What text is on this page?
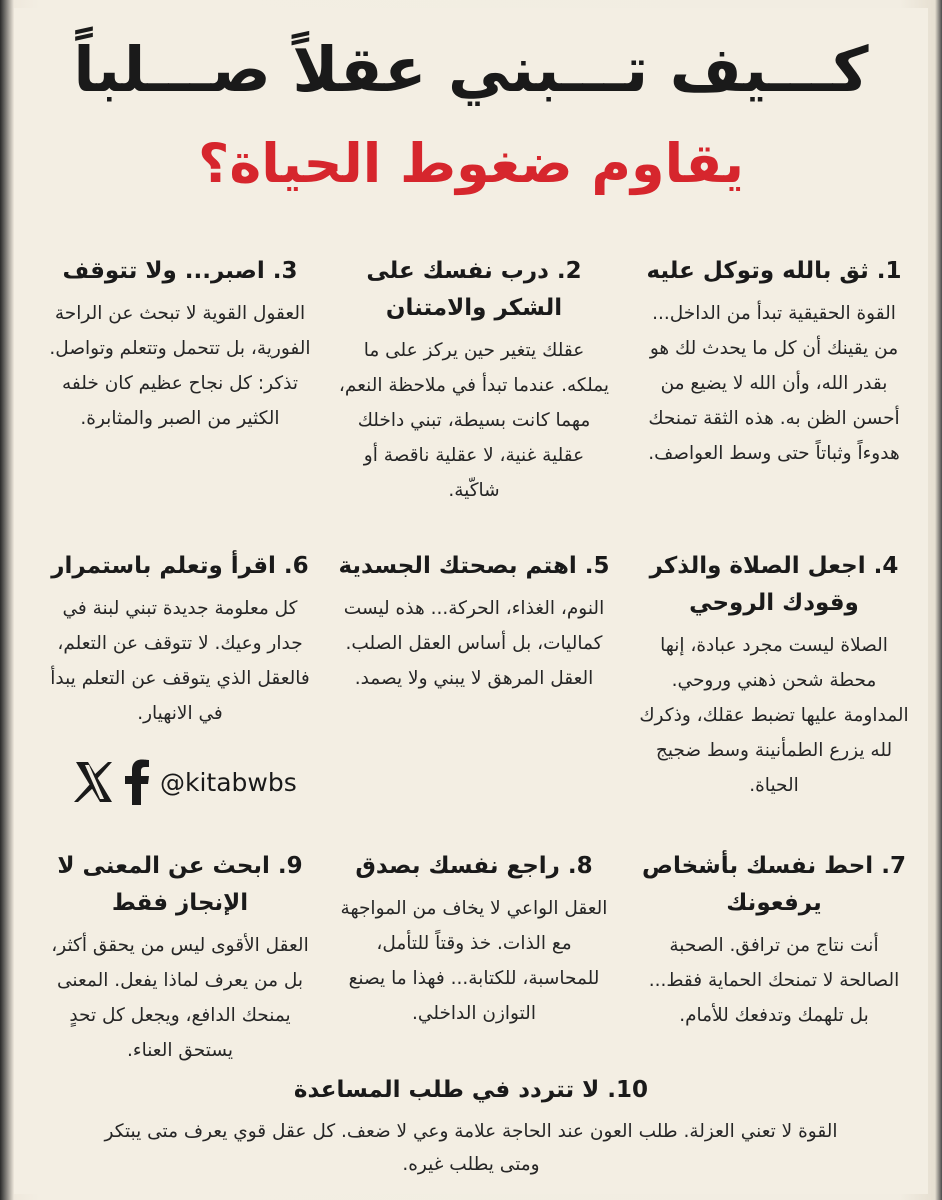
كـــيف تـــبني عقلاً صـــلباً
يقاوم ضغوط الحياة؟
1. ثق بالله وتوكل عليه

القوة الحقيقية تبدأ من الداخل... من يقينك أن كل ما يحدث لك هو بقدر الله، وأن الله لا يضيع من أحسن الظن به. هذه الثقة تمنحك هدوءاً وثباتاً حتى وسط العواصف.

2. درب نفسك على الشكر والامتنان

عقلك يتغير حين يركز على ما يملكه. عندما تبدأ في ملاحظة النعم، مهما كانت بسيطة، تبني داخلك عقلية غنية، لا عقلية ناقصة أو شاكّية.

3. اصبر... ولا تتوقف

العقول القوية لا تبحث عن الراحة الفورية، بل تتحمل وتتعلم وتواصل. تذكر: كل نجاح عظيم كان خلفه الكثير من الصبر والمثابرة.

4. اجعل الصلاة والذكر وقودك الروحي

الصلاة ليست مجرد عبادة، إنها محطة شحن ذهني وروحي. المداومة عليها تضبط عقلك، وذكرك لله يزرع الطمأنينة وسط ضجيج الحياة.

5. اهتم بصحتك الجسدية

النوم، الغذاء، الحركة... هذه ليست كماليات، بل أساس العقل الصلب. العقل المرهق لا يبني ولا يصمد.

6. اقرأ وتعلم باستمرار

كل معلومة جديدة تبني لبنة في جدار وعيك. لا تتوقف عن التعلم، فالعقل الذي يتوقف عن التعلم يبدأ في الانهيار.

@kitabwbs
7. احط نفسك بأشخاص يرفعونك

أنت نتاج من ترافق. الصحبة الصالحة لا تمنحك الحماية فقط... بل تلهمك وتدفعك للأمام.

8. راجع نفسك بصدق

العقل الواعي لا يخاف من المواجهة مع الذات. خذ وقتاً للتأمل، للمحاسبة، للكتابة... فهذا ما يصنع التوازن الداخلي.

9. ابحث عن المعنى لا الإنجاز فقط

العقل الأقوى ليس من يحقق أكثر، بل من يعرف لماذا يفعل. المعنى يمنحك الدافع، ويجعل كل تحدٍ يستحق العناء.

10. لا تتردد في طلب المساعدة

القوة لا تعني العزلة. طلب العون عند الحاجة علامة وعي لا ضعف. كل عقل قوي يعرف متى يبتكر ومتى يطلب غيره.
